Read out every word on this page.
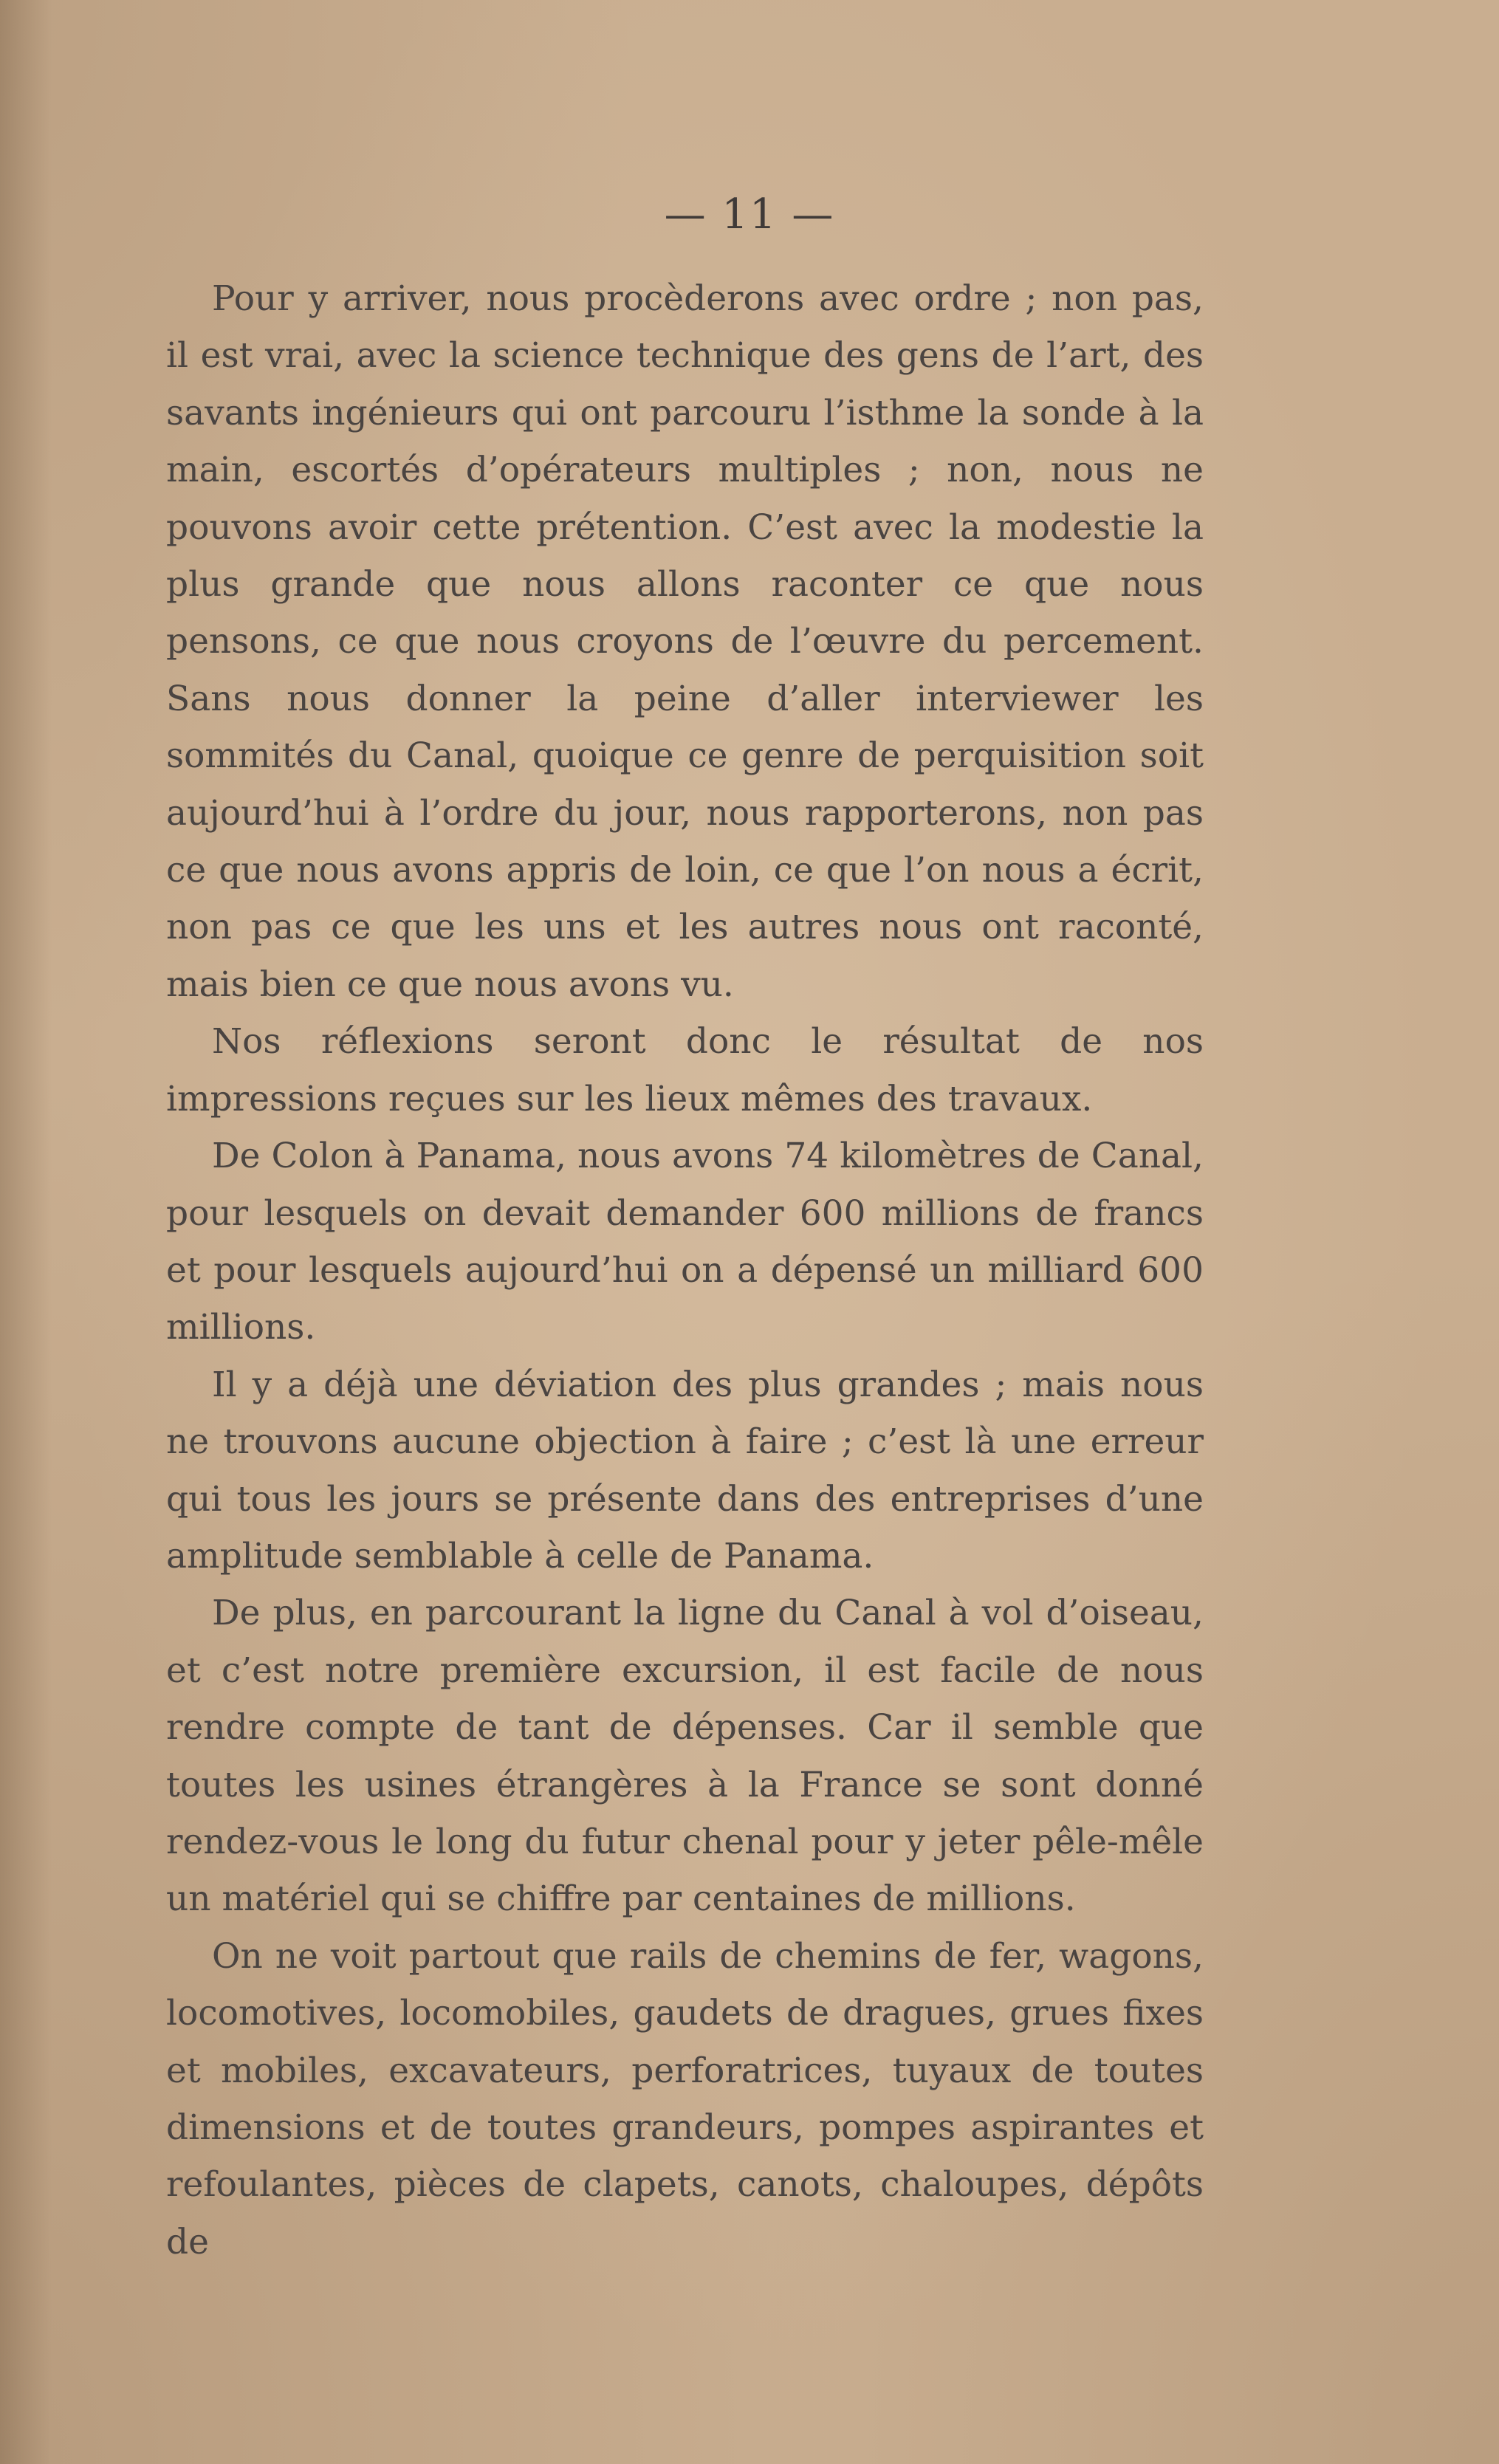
— 11 —

Pour y arriver, nous procèderons avec ordre ; non pas, il est vrai, avec la science technique des gens de l’art, des savants ingénieurs qui ont parcouru l’isthme la sonde à la main, escortés d’opérateurs multiples ; non, nous ne pouvons avoir cette prétention. C’est avec la modestie la plus grande que nous allons raconter ce que nous pensons, ce que nous croyons de l’œuvre du percement. Sans nous donner la peine d’aller interviewer les sommités du Canal, quoique ce genre de perquisition soit aujourd’hui à l’ordre du jour, nous rapporterons, non pas ce que nous avons appris de loin, ce que l’on nous a écrit, non pas ce que les uns et les autres nous ont raconté, mais bien ce que nous avons vu.

Nos réflexions seront donc le résultat de nos impressions reçues sur les lieux mêmes des travaux.

De Colon à Panama, nous avons 74 kilomètres de Canal, pour lesquels on devait demander 600 millions de francs et pour lesquels aujourd’hui on a dépensé un milliard 600 millions.

Il y a déjà une déviation des plus grandes ; mais nous ne trouvons aucune objection à faire ; c’est là une erreur qui tous les jours se présente dans des entreprises d’une amplitude semblable à celle de Panama.

De plus, en parcourant la ligne du Canal à vol d’oiseau, et c’est notre première excursion, il est facile de nous rendre compte de tant de dépenses. Car il semble que toutes les usines étrangères à la France se sont donné rendez-vous le long du futur chenal pour y jeter pêle-mêle un matériel qui se chiffre par centaines de millions.

On ne voit partout que rails de chemins de fer, wagons, locomotives, locomobiles, gaudets de dragues, grues fixes et mobiles, excavateurs, perforatrices, tuyaux de toutes dimensions et de toutes grandeurs, pompes aspirantes et refoulantes, pièces de clapets, canots, chaloupes, dépôts de
